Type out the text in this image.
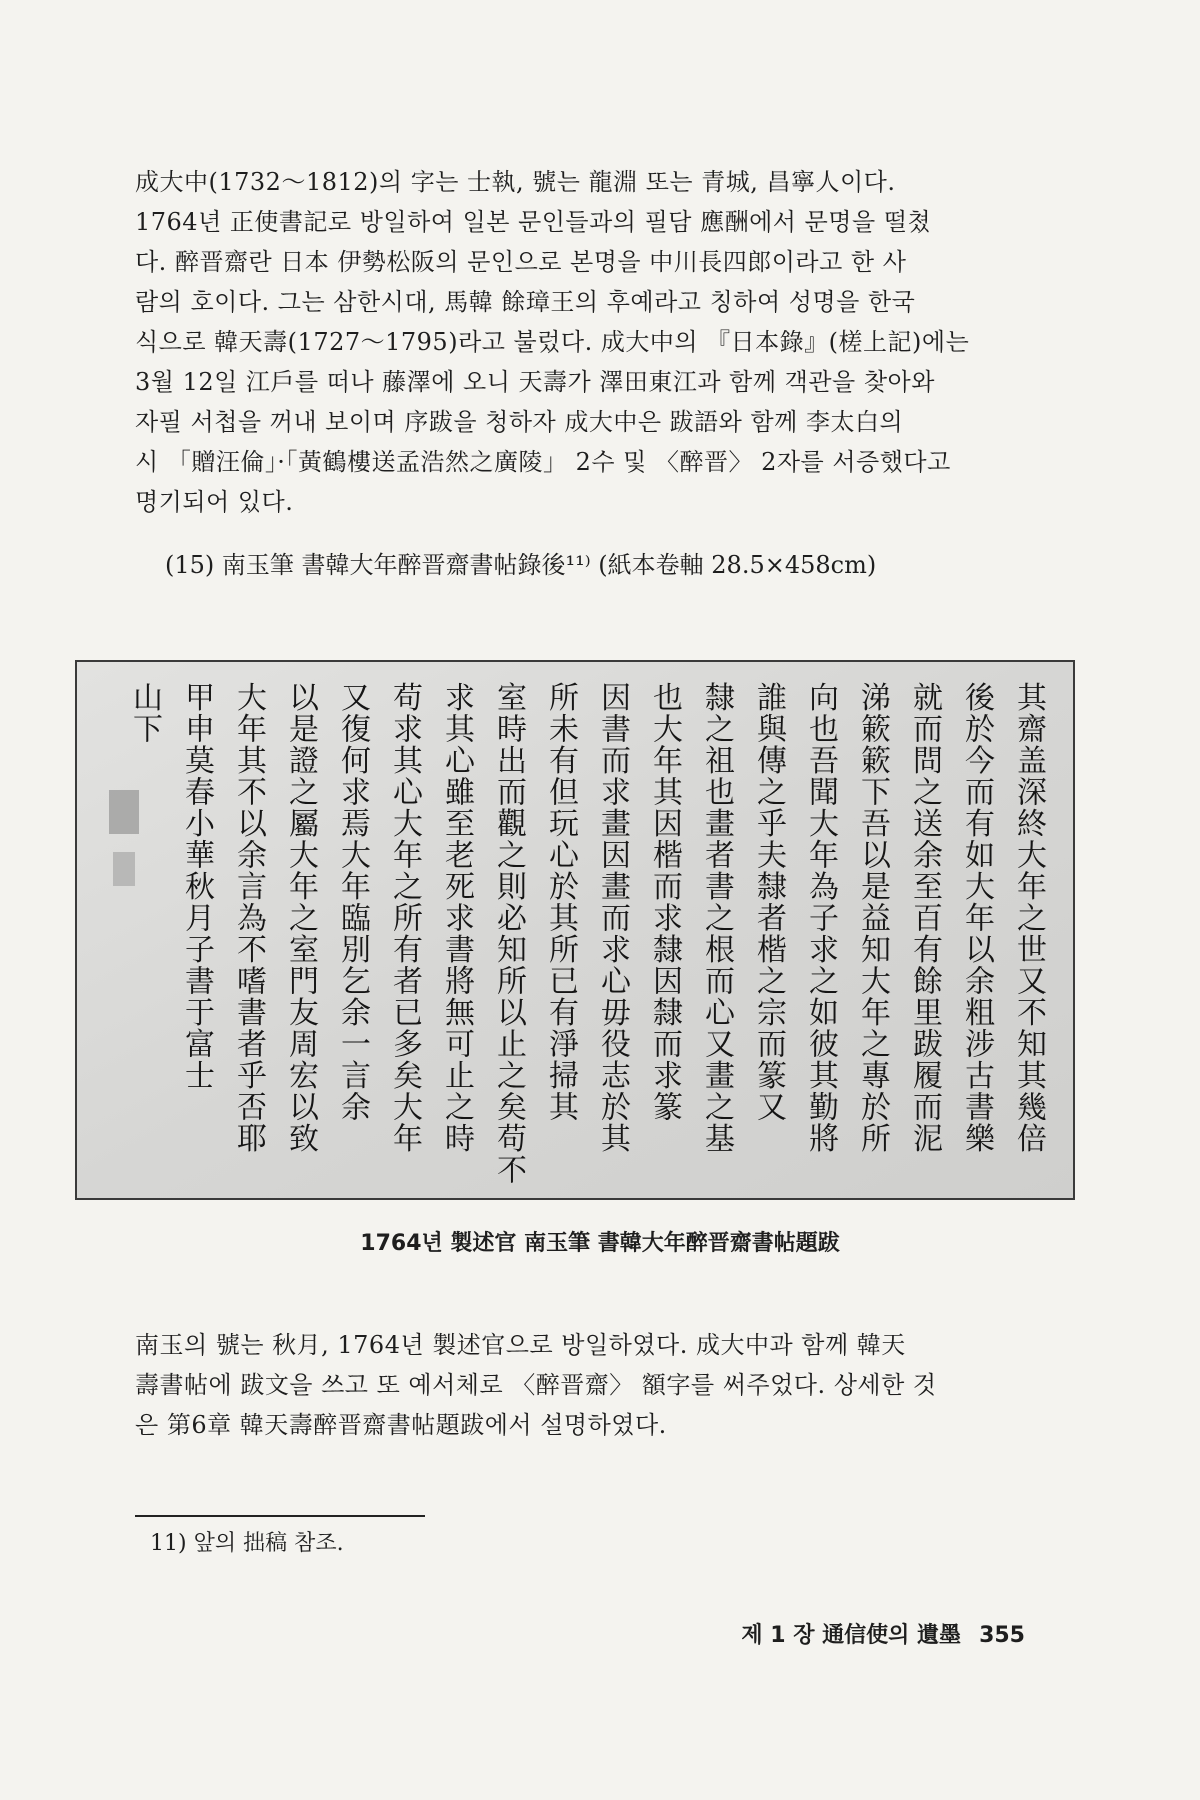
成大中(1732～1812)의 字는 士執, 號는 龍淵 또는 青城, 昌寧人이다.
1764년 正使書記로 방일하여 일본 문인들과의 필담 應酬에서 문명을 떨쳤
다. 醉晋齋란 日本 伊勢松阪의 문인으로 본명을 中川長四郎이라고 한 사
람의 호이다. 그는 삼한시대, 馬韓 餘璋王의 후예라고 칭하여 성명을 한국
식으로 韓天壽(1727～1795)라고 불렀다. 成大中의 『日本錄』(槎上記)에는
3월 12일 江戶를 떠나 藤澤에 오니 天壽가 澤田東江과 함께 객관을 찾아와
자필 서첩을 꺼내 보이며 序跋을 청하자 成大中은 跋語와 함께 李太白의
시 「贈汪倫」·「黃鶴樓送孟浩然之廣陵」 2수 및 〈醉晋〉 2자를 서증했다고
명기되어 있다.
(15) 南玉筆 書韓大年醉晋齋書帖錄後¹¹⁾ (紙本卷軸 28.5×458cm)
其齋盖深終大年之世又不知其幾倍
後於今而有如大年以余粗涉古書樂
就而問之送余至百有餘里跋履而泥
涕簌簌下吾以是益知大年之專於所
向也吾聞大年為子求之如彼其勤將
誰與傳之乎夫隸者楷之宗而篆又
隸之祖也畫者書之根而心又畫之基
也大年其因楷而求隸因隸而求篆
因書而求畫因畫而求心毋役志於其
所未有但玩心於其所已有淨掃其
室時出而觀之則必知所以止之矣苟不
求其心雖至老死求書將無可止之時
苟求其心大年之所有者已多矣大年
又復何求焉大年臨別乞余一言余
以是證之屬大年之室門友周宏以致
大年其不以余言為不嗜書者乎否耶
甲申莫春小華秋月子書于富士
山下
1764년 製述官 南玉筆 書韓大年醉晋齋書帖題跋
南玉의 號는 秋月, 1764년 製述官으로 방일하였다. 成大中과 함께 韓天
壽書帖에 跋文을 쓰고 또 예서체로 〈醉晋齋〉 額字를 써주었다. 상세한 것
은 第6章 韓天壽醉晋齋書帖題跋에서 설명하였다.
11) 앞의 拙稿 참조.
제 1 장 通信使의 遺墨 355
